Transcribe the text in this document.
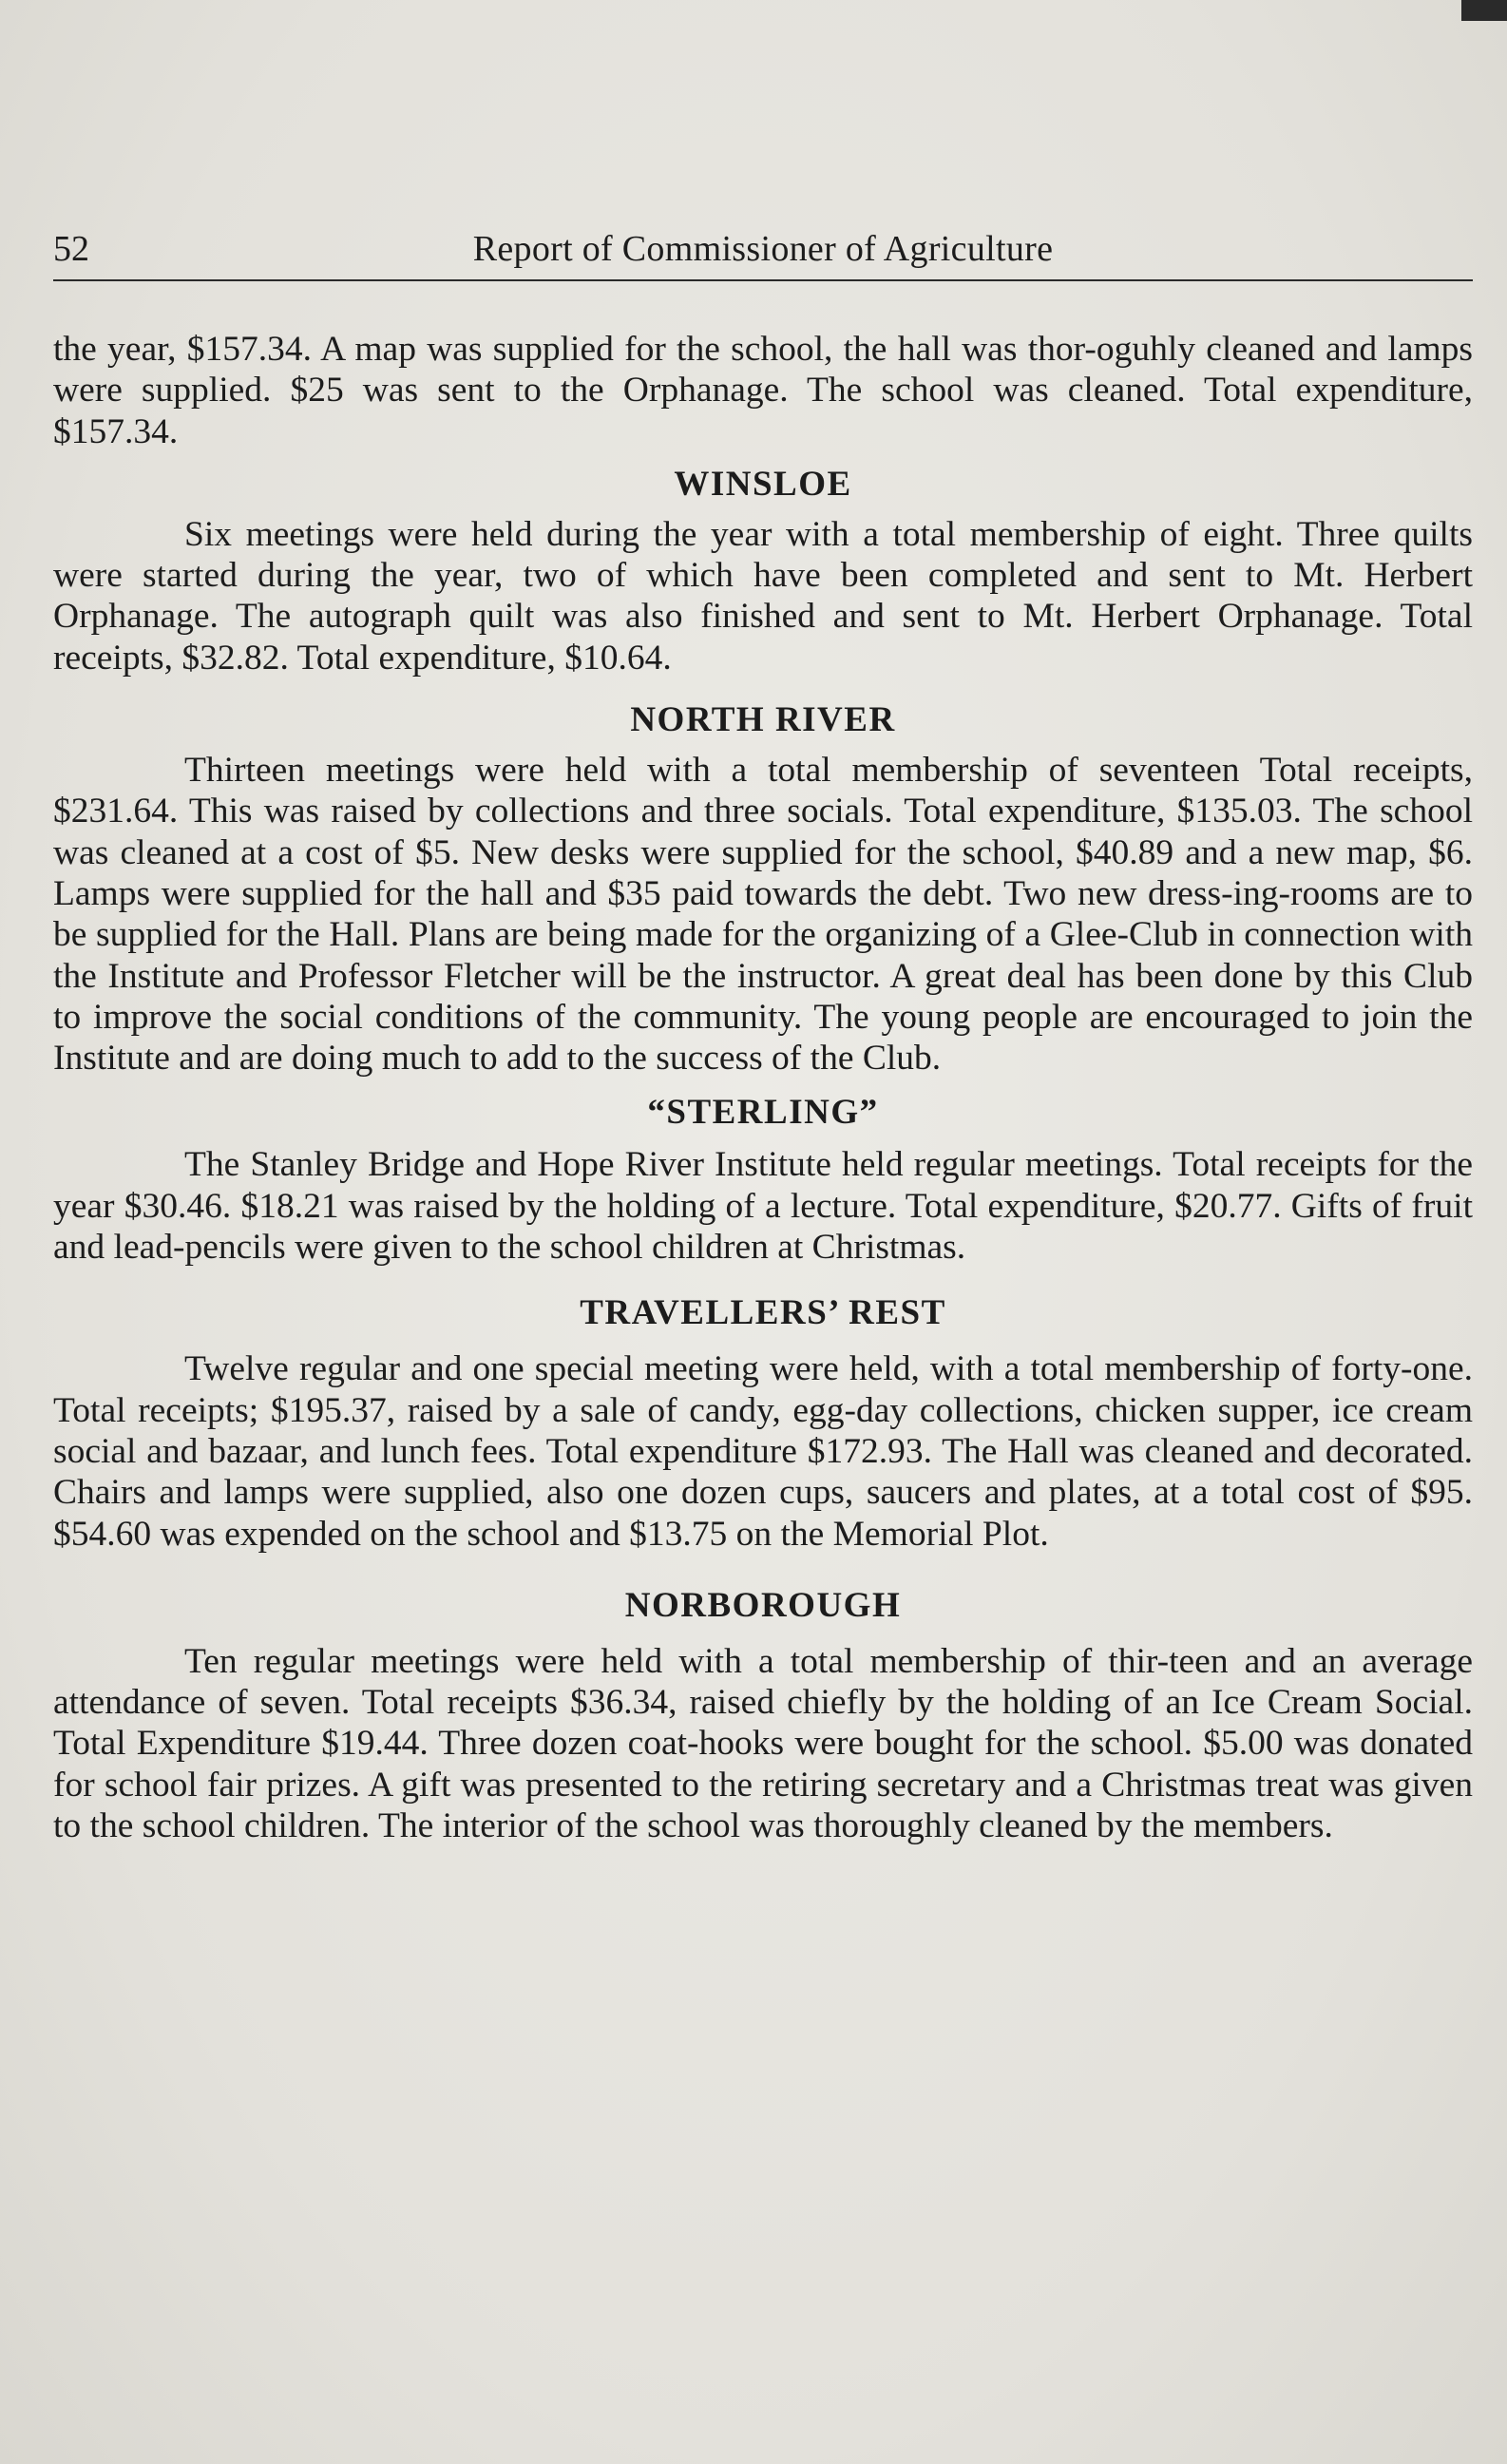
52	Report of Commissioner of Agriculture

the year, $157.34. A map was supplied for the school, the hall was thor-oguhly cleaned and lamps were supplied. $25 was sent to the Orphanage. The school was cleaned. Total expenditure, $157.34.

WINSLOE

Six meetings were held during the year with a total membership of eight. Three quilts were started during the year, two of which have been completed and sent to Mt. Herbert Orphanage. The autograph quilt was also finished and sent to Mt. Herbert Orphanage. Total receipts, $32.82. Total expenditure, $10.64.

NORTH RIVER

Thirteen meetings were held with a total membership of seventeen Total receipts, $231.64. This was raised by collections and three socials. Total expenditure, $135.03. The school was cleaned at a cost of $5. New desks were supplied for the school, $40.89 and a new map, $6. Lamps were supplied for the hall and $35 paid towards the debt. Two new dress-ing-rooms are to be supplied for the Hall. Plans are being made for the organizing of a Glee-Club in connection with the Institute and Professor Fletcher will be the instructor. A great deal has been done by this Club to improve the social conditions of the community. The young people are encouraged to join the Institute and are doing much to add to the success of the Club.

“STERLING”

The Stanley Bridge and Hope River Institute held regular meetings. Total receipts for the year $30.46. $18.21 was raised by the holding of a lecture. Total expenditure, $20.77. Gifts of fruit and lead-pencils were given to the school children at Christmas.

TRAVELLERS’ REST

Twelve regular and one special meeting were held, with a total membership of forty-one. Total receipts; $195.37, raised by a sale of candy, egg-day collections, chicken supper, ice cream social and bazaar, and lunch fees. Total expenditure $172.93. The Hall was cleaned and decorated. Chairs and lamps were supplied, also one dozen cups, saucers and plates, at a total cost of $95. $54.60 was expended on the school and $13.75 on the Memorial Plot.

NORBOROUGH

Ten regular meetings were held with a total membership of thir-teen and an average attendance of seven. Total receipts $36.34, raised chiefly by the holding of an Ice Cream Social. Total Expenditure $19.44. Three dozen coat-hooks were bought for the school. $5.00 was donated for school fair prizes. A gift was presented to the retiring secretary and a Christmas treat was given to the school children. The interior of the school was thoroughly cleaned by the members.
